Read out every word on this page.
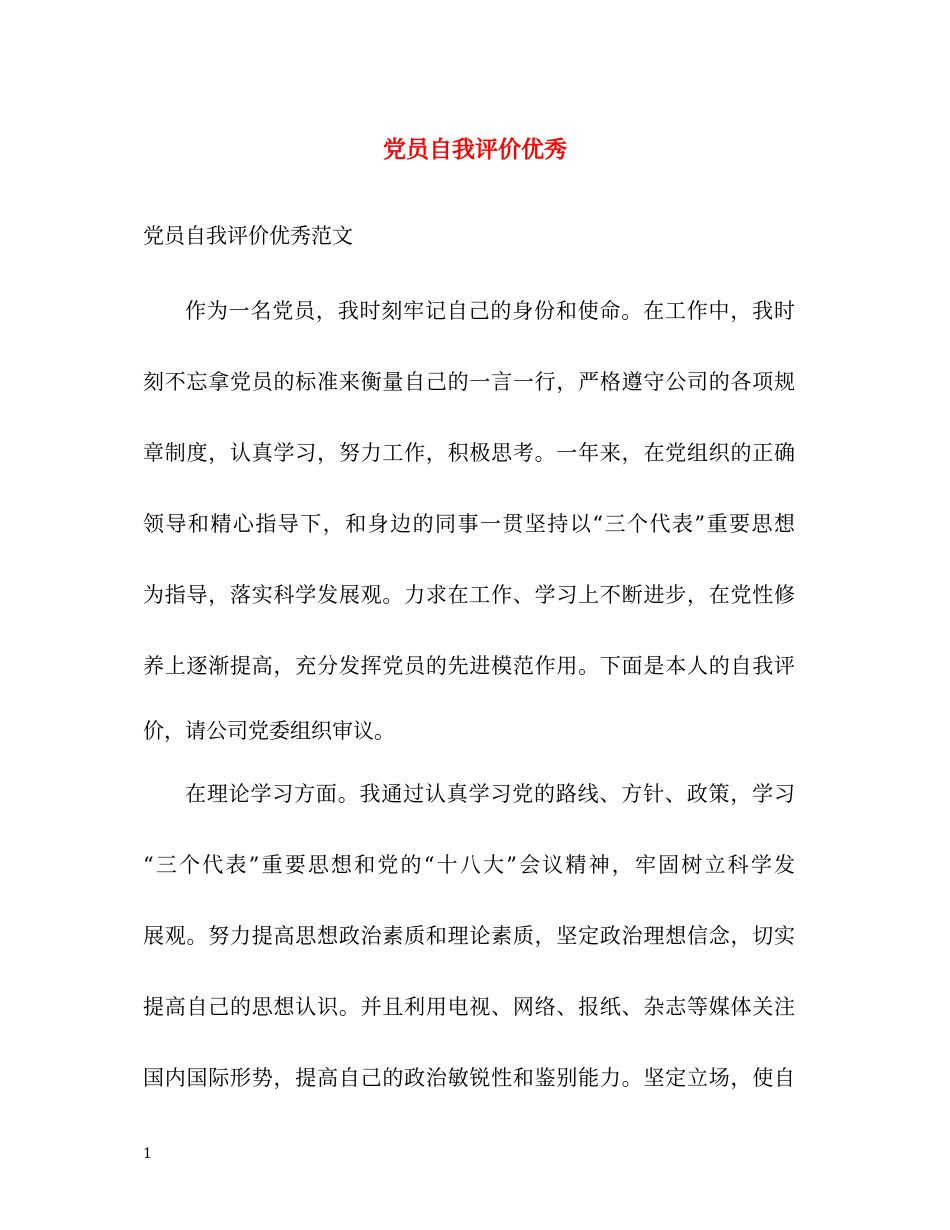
党员自我评价优秀
党员自我评价优秀范文
作为一名党员，我时刻牢记自己的身份和使命。在工作中，我时
刻不忘拿党员的标准来衡量自己的一言一行，严格遵守公司的各项规
章制度，认真学习，努力工作，积极思考。一年来，在党组织的正确
领导和精心指导下，和身边的同事一贯坚持以“三个代表”重要思想
为指导，落实科学发展观。力求在工作、学习上不断进步，在党性修
养上逐渐提高，充分发挥党员的先进模范作用。下面是本人的自我评
价，请公司党委组织审议。
在理论学习方面。我通过认真学习党的路线、方针、政策，学习
“三个代表”重要思想和党的“十八大”会议精神，牢固树立科学发
展观。努力提高思想政治素质和理论素质，坚定政治理想信念，切实
提高自己的思想认识。并且利用电视、网络、报纸、杂志等媒体关注
国内国际形势，提高自己的政治敏锐性和鉴别能力。坚定立场，使自
1
